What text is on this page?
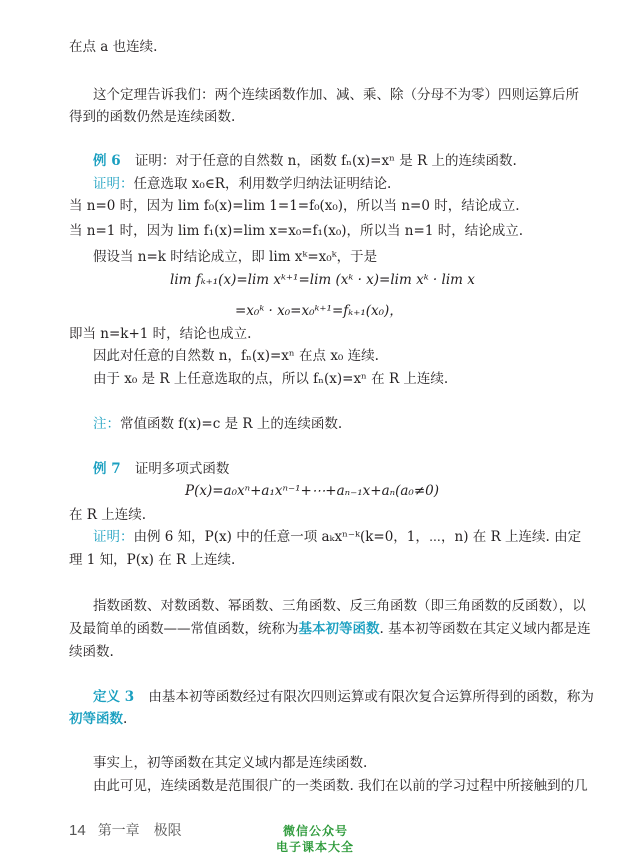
在点 a 也连续.
这个定理告诉我们：两个连续函数作加、减、乘、除（分母不为零）四则运算后所
得到的函数仍然是连续函数.
例 6 证明：对于任意的自然数 n，函数 fₙ(x)=xⁿ 是 R 上的连续函数.
证明：任意选取 x₀∈R，利用数学归纳法证明结论.
当 n=0 时，因为 lim f₀(x)=lim 1=1=f₀(x₀)，所以当 n=0 时，结论成立.
当 n=1 时，因为 lim f₁(x)=lim x=x₀=f₁(x₀)，所以当 n=1 时，结论成立.
假设当 n=k 时结论成立，即 lim xᵏ=x₀ᵏ，于是
lim fₖ₊₁(x)=lim xᵏ⁺¹=lim (xᵏ · x)=lim xᵏ · lim x
=x₀ᵏ · x₀=x₀ᵏ⁺¹=fₖ₊₁(x₀)，
即当 n=k+1 时，结论也成立.
因此对任意的自然数 n，fₙ(x)=xⁿ 在点 x₀ 连续.
由于 x₀ 是 R 上任意选取的点，所以 fₙ(x)=xⁿ 在 R 上连续.
注：常值函数 f(x)=c 是 R 上的连续函数.
例 7 证明多项式函数
P(x)=a₀xⁿ+a₁xⁿ⁻¹+⋯+aₙ₋₁x+aₙ(a₀≠0)
在 R 上连续.
证明：由例 6 知，P(x) 中的任意一项 aₖxⁿ⁻ᵏ(k=0，1，⋯，n) 在 R 上连续. 由定
理 1 知，P(x) 在 R 上连续.
指数函数、对数函数、幂函数、三角函数、反三角函数（即三角函数的反函数），以
及最简单的函数——常值函数，统称为基本初等函数. 基本初等函数在其定义域内都是连
续函数.
定义 3 由基本初等函数经过有限次四则运算或有限次复合运算所得到的函数，称为
初等函数.
事实上，初等函数在其定义域内都是连续函数.
由此可见，连续函数是范围很广的一类函数. 我们在以前的学习过程中所接触到的几
14 第一章　极限	微信公众号
电子课本大全
